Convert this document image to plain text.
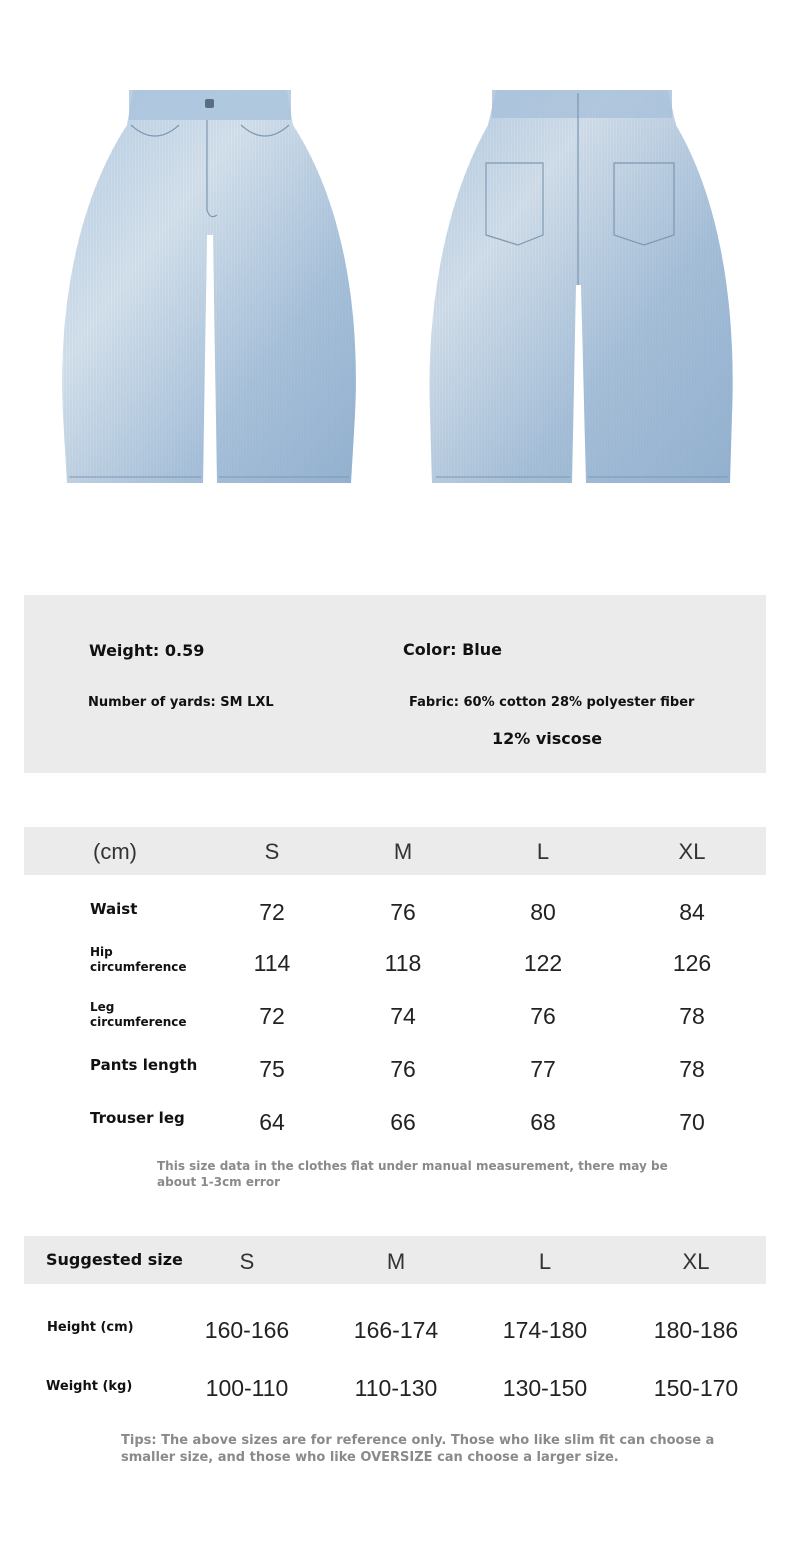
Weight: 0.59	Color: Blue
Number of yards: SM LXL	Fabric: 60% cotton 28% polyester fiber
12% viscose
(cm)	S	M	L	XL
Waist	72	76	80	84
Hip
circumference	114	118	122	126
Leg
circumference	72	74	76	78
Pants length	75	76	77	78
Trouser leg	64	66	68	70
This size data in the clothes flat under manual measurement, there may be
about 1-3cm error
Suggested size	S	M	L	XL
Height (cm)	160-166	166-174	174-180	180-186
Weight (kg)	100-110	110-130	130-150	150-170
Tips: The above sizes are for reference only. Those who like slim fit can choose a
smaller size, and those who like OVERSIZE can choose a larger size.
